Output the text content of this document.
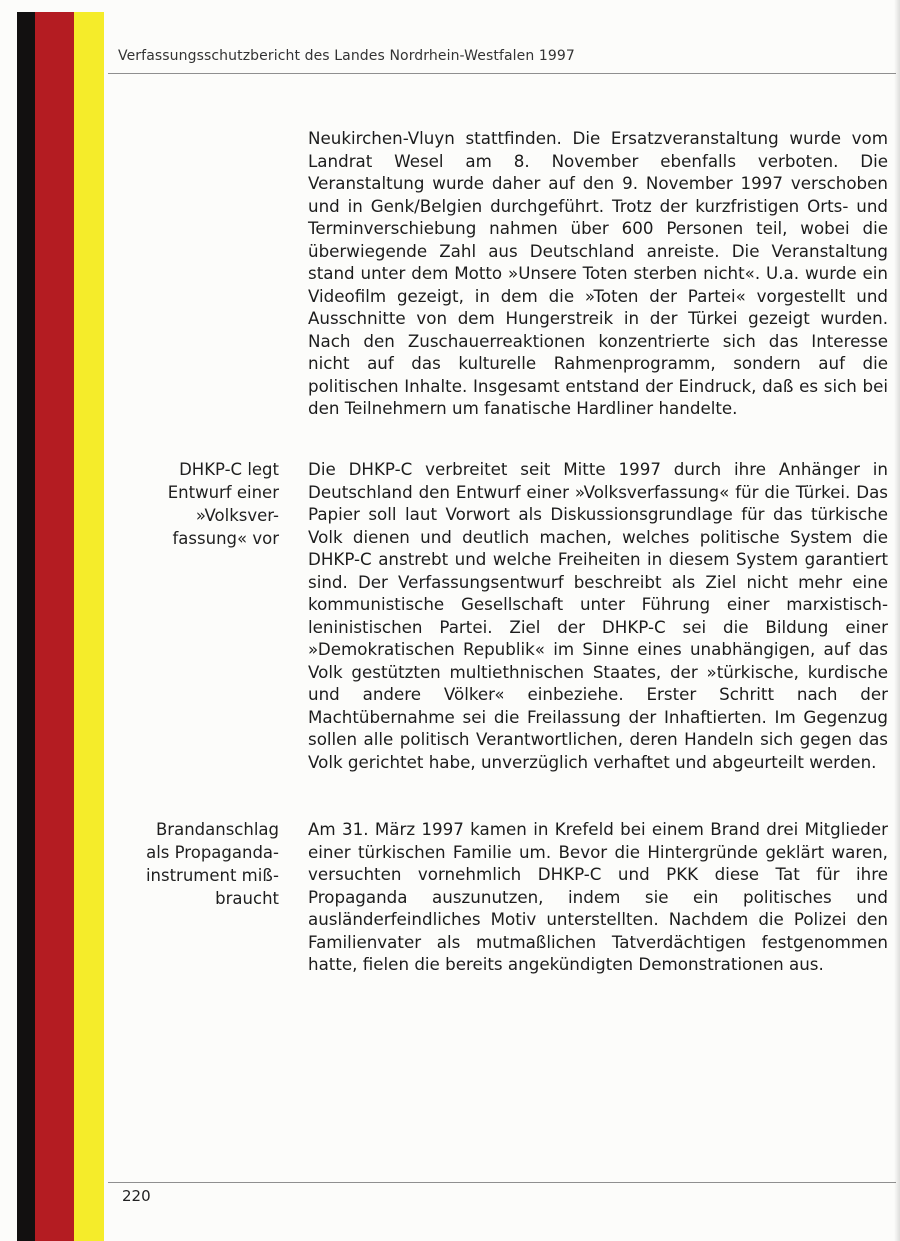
Verfassungsschutzbericht des Landes Nordrhein-Westfalen 1997
DHKP-C legt Entwurf einer »Volksver-fassung« vor
Brandanschlag als Propaganda-instrument miß-braucht

Neukirchen-Vluyn stattfinden. Die Ersatzveranstaltung wurde vom Landrat Wesel am 8. November ebenfalls verboten. Die Veranstaltung wurde daher auf den 9. November 1997 verschoben und in Genk/Belgien durchgeführt. Trotz der kurzfristigen Orts- und Terminverschiebung nahmen über 600 Personen teil, wobei die überwiegende Zahl aus Deutschland anreiste. Die Veranstaltung stand unter dem Motto »Unsere Toten sterben nicht«. U.a. wurde ein Videofilm gezeigt, in dem die »Toten der Partei« vorgestellt und Ausschnitte von dem Hungerstreik in der Türkei gezeigt wurden. Nach den Zuschauerreaktionen konzentrierte sich das Interesse nicht auf das kulturelle Rahmenprogramm, sondern auf die politischen Inhalte. Insgesamt entstand der Eindruck, daß es sich bei den Teilnehmern um fanatische Hardliner handelte.

Die DHKP-C verbreitet seit Mitte 1997 durch ihre Anhänger in Deutschland den Entwurf einer »Volksverfassung« für die Türkei. Das Papier soll laut Vorwort als Diskussionsgrundlage für das türkische Volk dienen und deutlich machen, welches politische System die DHKP-C anstrebt und welche Freiheiten in diesem System garantiert sind. Der Verfassungsentwurf beschreibt als Ziel nicht mehr eine kommunistische Gesellschaft unter Führung einer marxistisch-leninistischen Partei. Ziel der DHKP-C sei die Bildung einer »Demokratischen Republik« im Sinne eines unabhängigen, auf das Volk gestützten multiethnischen Staates, der »türkische, kurdische und andere Völker« einbeziehe. Erster Schritt nach der Machtübernahme sei die Freilassung der Inhaftierten. Im Gegenzug sollen alle politisch Verantwortlichen, deren Handeln sich gegen das Volk gerichtet habe, unverzüglich verhaftet und abgeurteilt werden.

Am 31. März 1997 kamen in Krefeld bei einem Brand drei Mitglieder einer türkischen Familie um. Bevor die Hintergründe geklärt waren, versuchten vornehmlich DHKP-C und PKK diese Tat für ihre Propaganda auszunutzen, indem sie ein politisches und ausländerfeindliches Motiv unterstellten. Nachdem die Polizei den Familienvater als mutmaßlichen Tatverdächtigen festgenommen hatte, fielen die bereits angekündigten Demonstrationen aus.

220
